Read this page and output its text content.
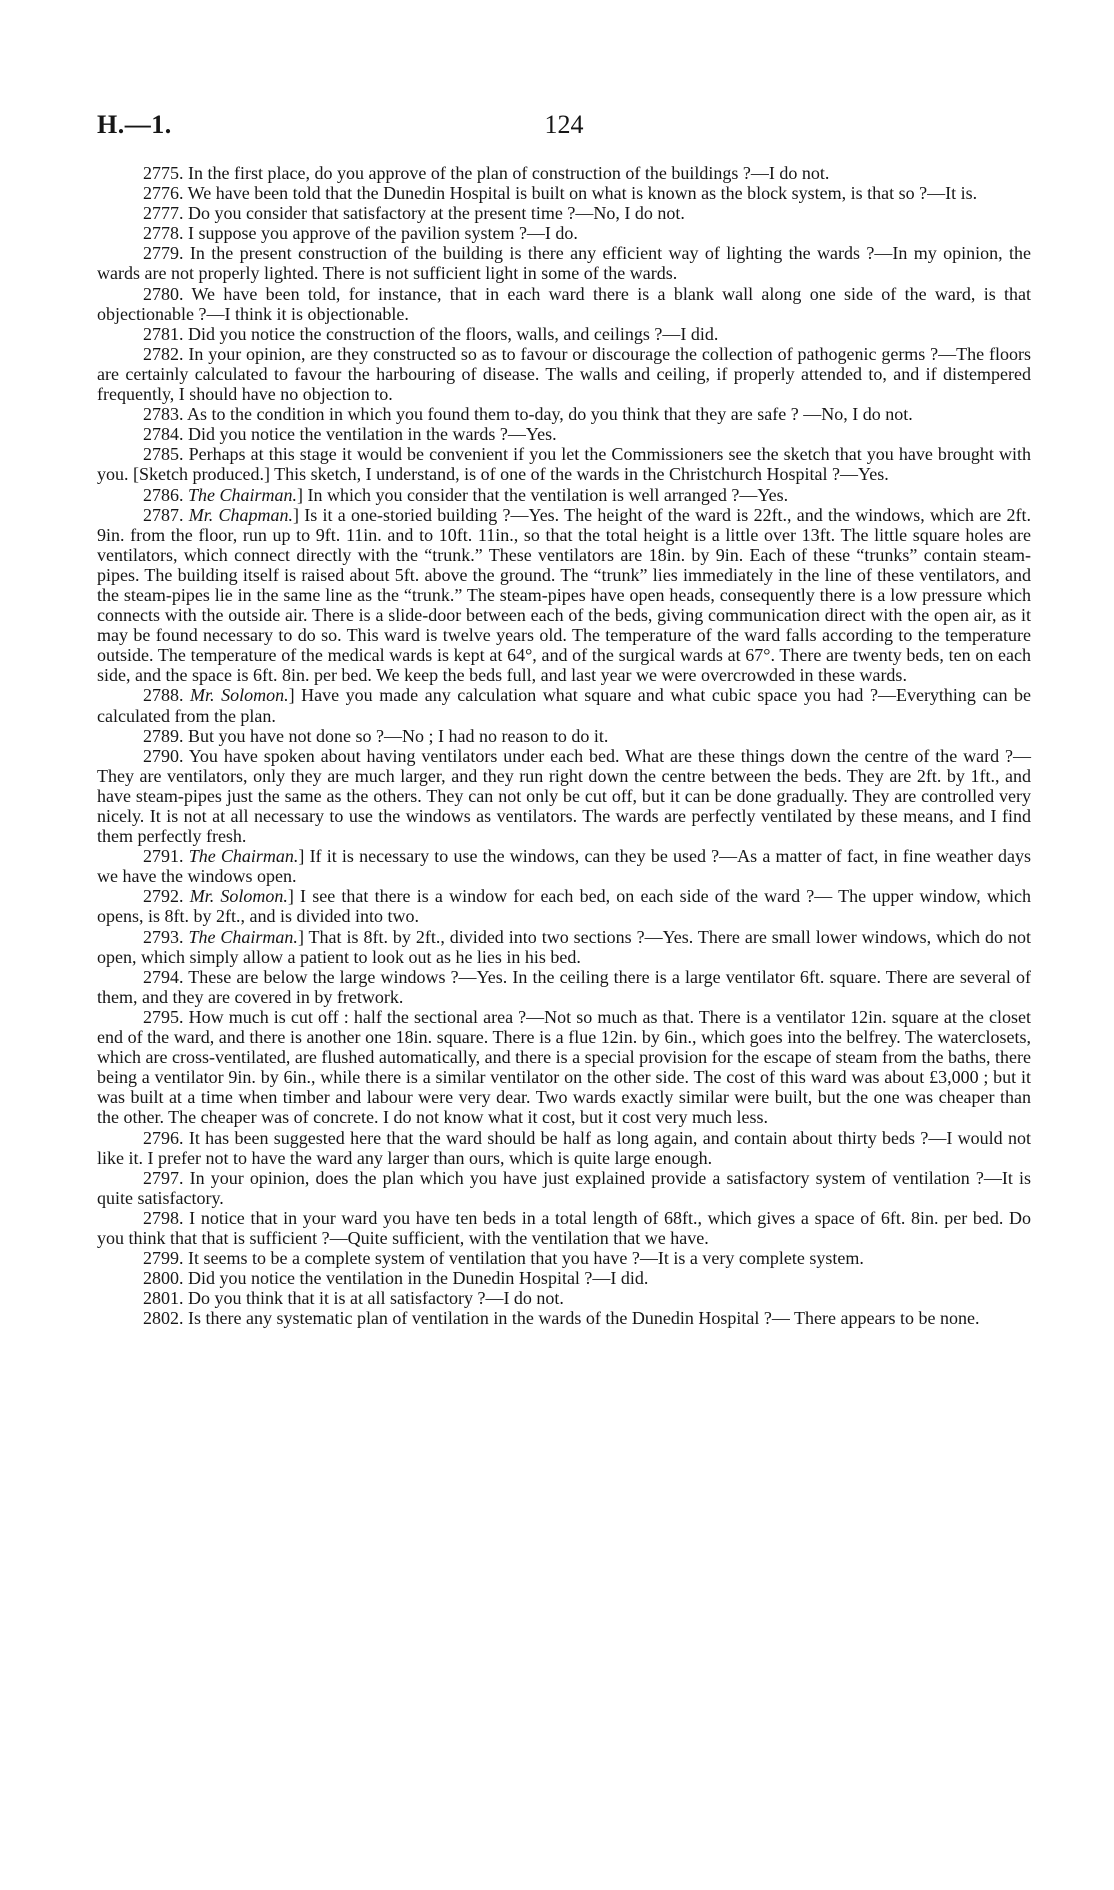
H.—1.	124

2775. In the first place, do you approve of the plan of construction of the buildings ?—I do not.

2776. We have been told that the Dunedin Hospital is built on what is known as the block system, is that so ?—It is.

2777. Do you consider that satisfactory at the present time ?—No, I do not.

2778. I suppose you approve of the pavilion system ?—I do.

2779. In the present construction of the building is there any efficient way of lighting the wards ?—In my opinion, the wards are not properly lighted. There is not sufficient light in some of the wards.

2780. We have been told, for instance, that in each ward there is a blank wall along one side of the ward, is that objectionable ?—I think it is objectionable.

2781. Did you notice the construction of the floors, walls, and ceilings ?—I did.

2782. In your opinion, are they constructed so as to favour or discourage the collection of pathogenic germs ?—The floors are certainly calculated to favour the harbouring of disease. The walls and ceiling, if properly attended to, and if distempered frequently, I should have no objection to.

2783. As to the condition in which you found them to-day, do you think that they are safe ? —No, I do not.

2784. Did you notice the ventilation in the wards ?—Yes.

2785. Perhaps at this stage it would be convenient if you let the Commissioners see the sketch that you have brought with you. [Sketch produced.] This sketch, I understand, is of one of the wards in the Christchurch Hospital ?—Yes.

2786. The Chairman.] In which you consider that the ventilation is well arranged ?—Yes.

2787. Mr. Chapman.] Is it a one-storied building ?—Yes. The height of the ward is 22ft., and the windows, which are 2ft. 9in. from the floor, run up to 9ft. 11in. and to 10ft. 11in., so that the total height is a little over 13ft. The little square holes are ventilators, which connect directly with the “trunk.” These ventilators are 18in. by 9in. Each of these “trunks” contain steam-pipes. The building itself is raised about 5ft. above the ground. The “trunk” lies immediately in the line of these ventilators, and the steam-pipes lie in the same line as the “trunk.” The steam-pipes have open heads, consequently there is a low pressure which connects with the outside air. There is a slide-door between each of the beds, giving communication direct with the open air, as it may be found necessary to do so. This ward is twelve years old. The temperature of the ward falls according to the temperature outside. The temperature of the medical wards is kept at 64°, and of the surgical wards at 67°. There are twenty beds, ten on each side, and the space is 6ft. 8in. per bed. We keep the beds full, and last year we were overcrowded in these wards.

2788. Mr. Solomon.] Have you made any calculation what square and what cubic space you had ?—Everything can be calculated from the plan.

2789. But you have not done so ?—No ; I had no reason to do it.

2790. You have spoken about having ventilators under each bed. What are these things down the centre of the ward ?—They are ventilators, only they are much larger, and they run right down the centre between the beds. They are 2ft. by 1ft., and have steam-pipes just the same as the others. They can not only be cut off, but it can be done gradually. They are controlled very nicely. It is not at all necessary to use the windows as ventilators. The wards are perfectly ventilated by these means, and I find them perfectly fresh.

2791. The Chairman.] If it is necessary to use the windows, can they be used ?—As a matter of fact, in fine weather days we have the windows open.

2792. Mr. Solomon.] I see that there is a window for each bed, on each side of the ward ?— The upper window, which opens, is 8ft. by 2ft., and is divided into two.

2793. The Chairman.] That is 8ft. by 2ft., divided into two sections ?—Yes. There are small lower windows, which do not open, which simply allow a patient to look out as he lies in his bed.

2794. These are below the large windows ?—Yes. In the ceiling there is a large ventilator 6ft. square. There are several of them, and they are covered in by fretwork.

2795. How much is cut off : half the sectional area ?—Not so much as that. There is a ventilator 12in. square at the closet end of the ward, and there is another one 18in. square. There is a flue 12in. by 6in., which goes into the belfrey. The waterclosets, which are cross-ventilated, are flushed automatically, and there is a special provision for the escape of steam from the baths, there being a ventilator 9in. by 6in., while there is a similar ventilator on the other side. The cost of this ward was about £3,000 ; but it was built at a time when timber and labour were very dear. Two wards exactly similar were built, but the one was cheaper than the other. The cheaper was of concrete. I do not know what it cost, but it cost very much less.

2796. It has been suggested here that the ward should be half as long again, and contain about thirty beds ?—I would not like it. I prefer not to have the ward any larger than ours, which is quite large enough.

2797. In your opinion, does the plan which you have just explained provide a satisfactory system of ventilation ?—It is quite satisfactory.

2798. I notice that in your ward you have ten beds in a total length of 68ft., which gives a space of 6ft. 8in. per bed. Do you think that that is sufficient ?—Quite sufficient, with the ventilation that we have.

2799. It seems to be a complete system of ventilation that you have ?—It is a very complete system.

2800. Did you notice the ventilation in the Dunedin Hospital ?—I did.

2801. Do you think that it is at all satisfactory ?—I do not.

2802. Is there any systematic plan of ventilation in the wards of the Dunedin Hospital ?— There appears to be none.
